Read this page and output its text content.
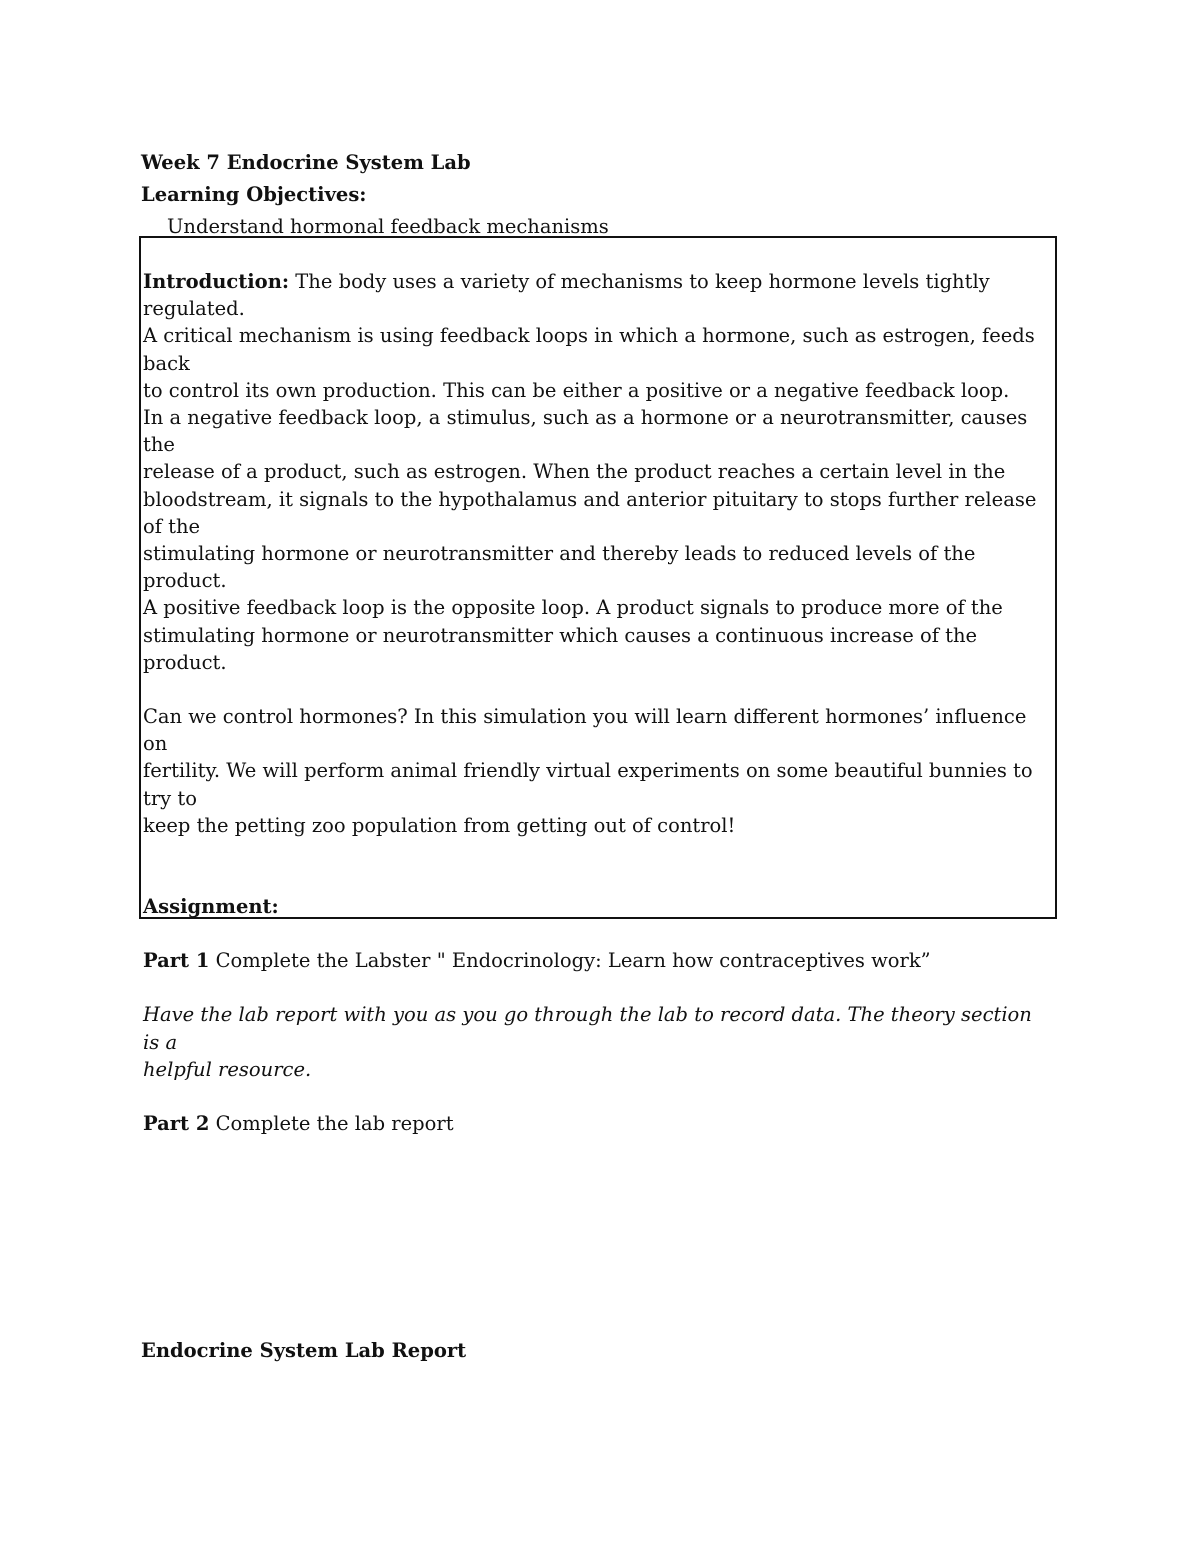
Week 7 Endocrine System Lab

Learning Objectives:

Understand hormonal feedback mechanisms

Introduction: The body uses a variety of mechanisms to keep hormone levels tightly regulated.

A critical mechanism is using feedback loops in which a hormone, such as estrogen, feeds back

to control its own production. This can be either a positive or a negative feedback loop.

In a negative feedback loop, a stimulus, such as a hormone or a neurotransmitter, causes the

release of a product, such as estrogen. When the product reaches a certain level in the

bloodstream, it signals to the hypothalamus and anterior pituitary to stops further release of the

stimulating hormone or neurotransmitter and thereby leads to reduced levels of the product.

A positive feedback loop is the opposite loop. A product signals to produce more of the

stimulating hormone or neurotransmitter which causes a continuous increase of the product.

Can we control hormones? In this simulation you will learn different hormones’ influence on

fertility. We will perform animal friendly virtual experiments on some beautiful bunnies to try to

keep the petting zoo population from getting out of control!

Assignment:

Part 1 Complete the Labster " Endocrinology: Learn how contraceptives work”

Have the lab report with you as you go through the lab to record data. The theory section is a

helpful resource.

Part 2 Complete the lab report

Endocrine System Lab Report
